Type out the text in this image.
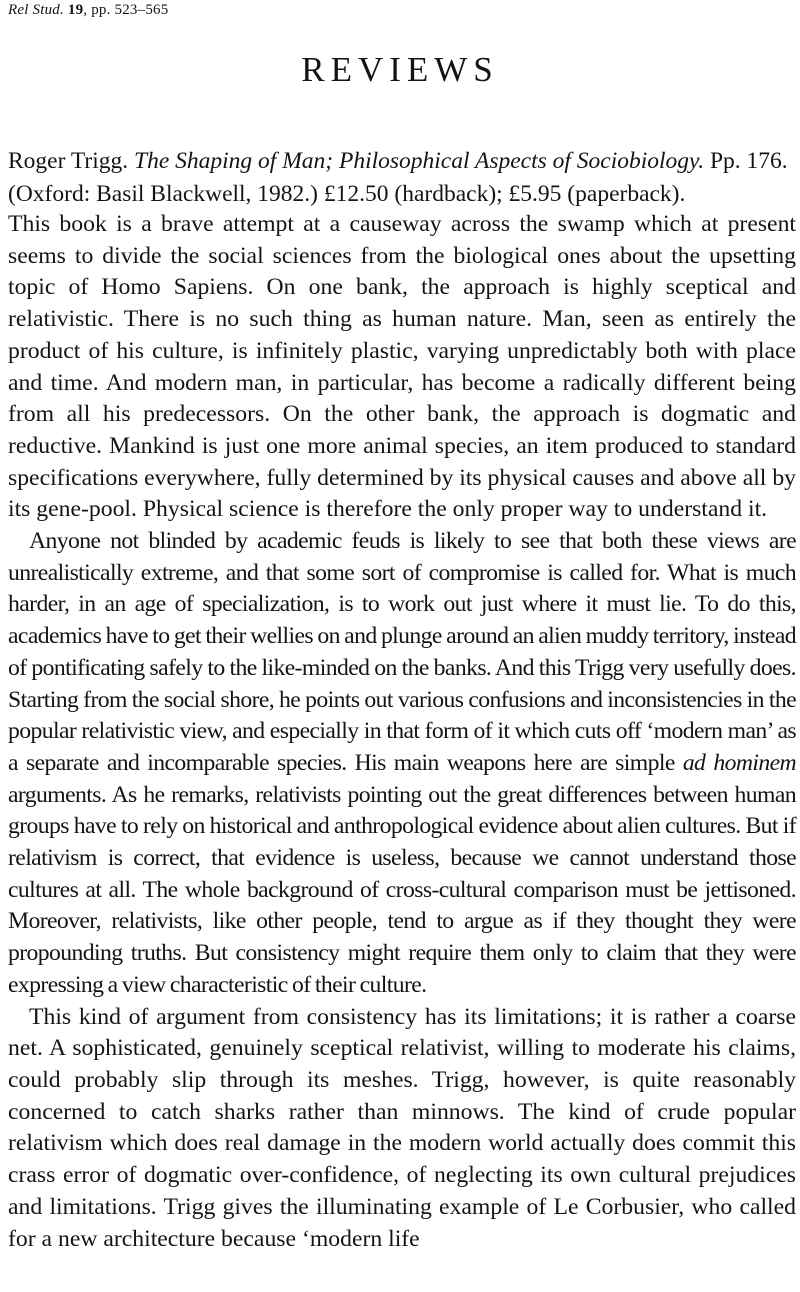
Rel Stud. 19, pp. 523–565
REVIEWS
Roger Trigg. The Shaping of Man; Philosophical Aspects of Sociobiology. Pp. 176. (Oxford: Basil Blackwell, 1982.) £12.50 (hardback); £5.95 (paperback).

This book is a brave attempt at a causeway across the swamp which at present seems to divide the social sciences from the biological ones about the upsetting topic of Homo Sapiens. On one bank, the approach is highly sceptical and relativistic. There is no such thing as human nature. Man, seen as entirely the product of his culture, is infinitely plastic, varying unpredictably both with place and time. And modern man, in particular, has become a radically different being from all his predecessors. On the other bank, the approach is dogmatic and reductive. Mankind is just one more animal species, an item produced to standard specifications everywhere, fully determined by its physical causes and above all by its gene-pool. Physical science is therefore the only proper way to understand it.

Anyone not blinded by academic feuds is likely to see that both these views are unrealistically extreme, and that some sort of compromise is called for. What is much harder, in an age of specialization, is to work out just where it must lie. To do this, academics have to get their wellies on and plunge around an alien muddy territory, instead of pontificating safely to the like-minded on the banks. And this Trigg very usefully does. Starting from the social shore, he points out various confusions and inconsistencies in the popular relativistic view, and especially in that form of it which cuts off ‘modern man’ as a separate and incomparable species. His main weapons here are simple ad hominem arguments. As he remarks, relativists pointing out the great differences between human groups have to rely on historical and anthropological evidence about alien cultures. But if relativism is correct, that evidence is useless, because we cannot understand those cultures at all. The whole background of cross-cultural comparison must be jettisoned. Moreover, relativists, like other people, tend to argue as if they thought they were propounding truths. But consistency might require them only to claim that they were expressing a view characteristic of their culture.

This kind of argument from consistency has its limitations; it is rather a coarse net. A sophisticated, genuinely sceptical relativist, willing to moderate his claims, could probably slip through its meshes. Trigg, however, is quite reasonably concerned to catch sharks rather than minnows. The kind of crude popular relativism which does real damage in the modern world actually does commit this crass error of dogmatic over-confidence, of neglecting its own cultural prejudices and limitations. Trigg gives the illuminating example of Le Corbusier, who called for a new architecture because ‘modern life
